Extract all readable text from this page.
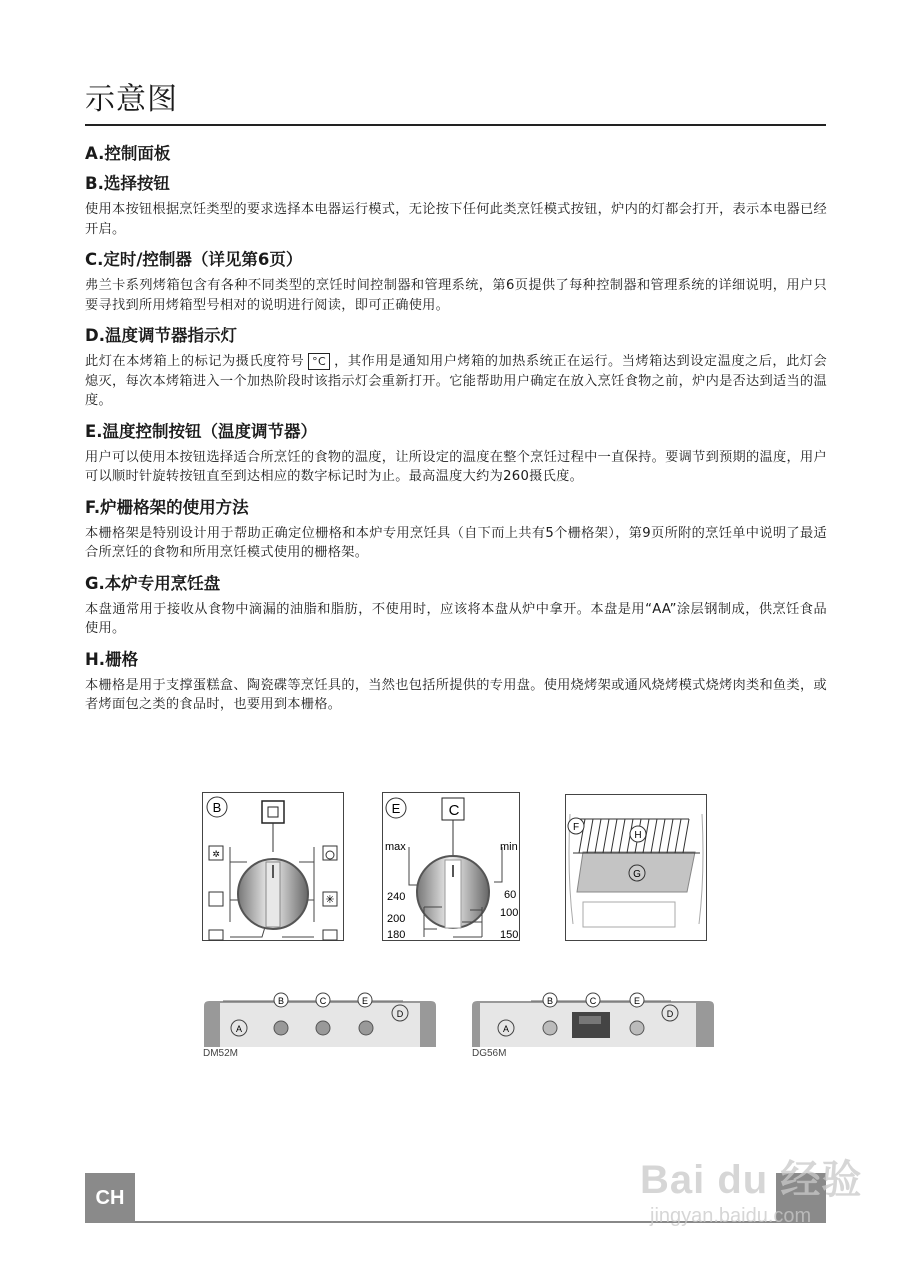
示意图
A.控制面板
B.选择按钮

使用本按钮根据烹饪类型的要求选择本电器运行模式，无论按下任何此类烹饪模式按钮，炉内的灯都会打开，表示本电器已经开启。

C.定时/控制器（详见第6页）

弗兰卡系列烤箱包含有各种不同类型的烹饪时间控制器和管理系统，第6页提供了每种控制器和管理系统的详细说明，用户只要寻找到所用烤箱型号相对的说明进行阅读，即可正确使用。

D.温度调节器指示灯

此灯在本烤箱上的标记为摄氏度符号 °C ，其作用是通知用户烤箱的加热系统正在运行。当烤箱达到设定温度之后，此灯会熄灭，每次本烤箱进入一个加热阶段时该指示灯会重新打开。它能帮助用户确定在放入烹饪食物之前，炉内是否达到适当的温度。

E.温度控制按钮（温度调节器）

用户可以使用本按钮选择适合所烹饪的食物的温度，让所设定的温度在整个烹饪过程中一直保持。要调节到预期的温度，用户可以顺时针旋转按钮直至到达相应的数字标记时为止。最高温度大约为260摄氏度。

F.炉栅格架的使用方法

本栅格架是特别设计用于帮助正确定位栅格和本炉专用烹饪具（自下而上共有5个栅格架），第9页所附的烹饪单中说明了最适合所烹饪的食物和所用烹饪模式使用的栅格架。

G.本炉专用烹饪盘

本盘通常用于接收从食物中滴漏的油脂和脂肪，不使用时，应该将本盘从炉中拿开。本盘是用“AA”涂层钢制成，供烹饪食品使用。

H.栅格

本栅格是用于支撑蛋糕盒、陶瓷碟等烹饪具的，当然也包括所提供的专用盘。使用烧烤架或通风烧烤模式烧烤肉类和鱼类，或者烤面包之类的食品时，也要用到本栅格。

B
✲
✳
E	C
max	min
240
200
180
60
100
150
F
H
G
B	C	E
D
A
DM52M
B	C	E
D
A
DG56M
CH	Bai du 经验
jingyan.baidu.com
